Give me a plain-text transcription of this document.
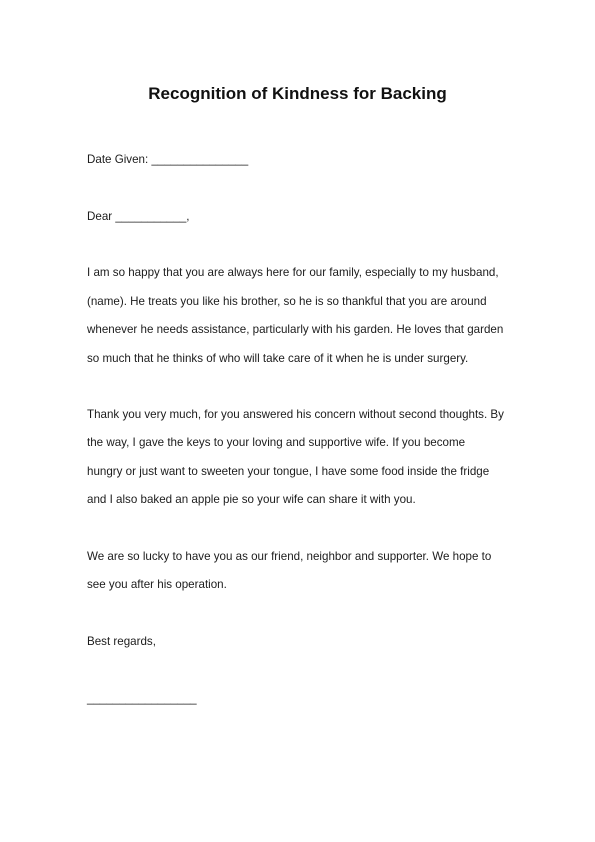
Recognition of Kindness for Backing
Date Given: _______________
Dear ___________,
I am so happy that you are always here for our family, especially to my husband,
(name). He treats you like his brother, so he is so thankful that you are around
whenever he needs assistance, particularly with his garden. He loves that garden
so much that he thinks of who will take care of it when he is under surgery.
Thank you very much, for you answered his concern without second thoughts. By
the way, I gave the keys to your loving and supportive wife. If you become
hungry or just want to sweeten your tongue, I have some food inside the fridge
and I also baked an apple pie so your wife can share it with you.
We are so lucky to have you as our friend, neighbor and supporter. We hope to
see you after his operation.
Best regards,
_________________
